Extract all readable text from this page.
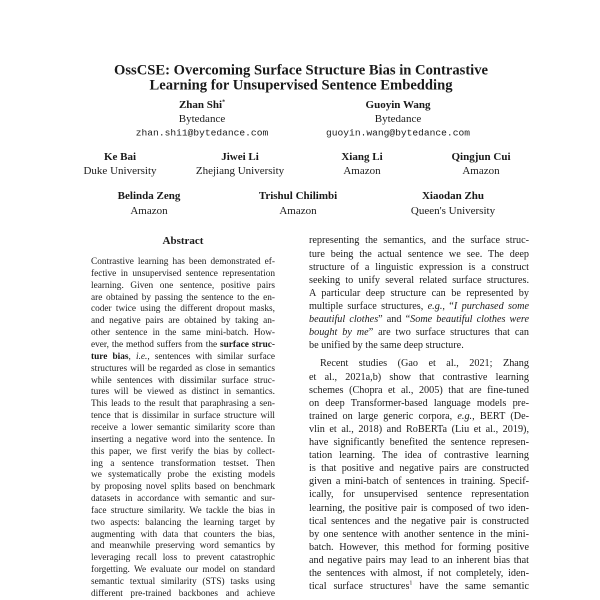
OssCSE: Overcoming Surface Structure Bias in Contrastive
Learning for Unsupervised Sentence Embedding
Zhan Shi*
Bytedance
zhan.shi1@bytedance.com
Guoyin Wang
Bytedance
guoyin.wang@bytedance.com
Ke Bai
Duke University
Jiwei Li
Zhejiang University
Xiang Li
Amazon
Qingjun Cui
Amazon
Belinda Zeng
Amazon
Trishul Chilimbi
Amazon
Xiaodan Zhu
Queen's University
Abstract
Contrastive learning has been demonstrated ef-
fective in unsupervised sentence representation
learning. Given one sentence, positive pairs
are obtained by passing the sentence to the en-
coder twice using the different dropout masks,
and negative pairs are obtained by taking an-
other sentence in the same mini-batch. How-
ever, the method suffers from the surface struc-
ture bias, i.e., sentences with similar surface
structures will be regarded as close in semantics
while sentences with dissimilar surface struc-
tures will be viewed as distinct in semantics.
This leads to the result that paraphrasing a sen-
tence that is dissimilar in surface structure will
receive a lower semantic similarity score than
inserting a negative word into the sentence. In
this paper, we first verify the bias by collect-
ing a sentence transformation testset. Then
we systematically probe the existing models
by proposing novel splits based on benchmark
datasets in accordance with semantic and sur-
face structure similarity. We tackle the bias in
two aspects: balancing the learning target by
augmenting with data that counters the bias,
and meanwhile preserving word semantics by
leveraging recall loss to prevent catastrophic
forgetting. We evaluate our model on standard
semantic textual similarity (STS) tasks using
different pre-trained backbones and achieve
representing the semantics, and the surface struc-
ture being the actual sentence we see. The deep
structure of a linguistic expression is a construct
seeking to unify several related surface structures.
A particular deep structure can be represented by
multiple surface structures, e.g., “I purchased some
beautiful clothes” and “Some beautiful clothes were
bought by me” are two surface structures that can
be unified by the same deep structure.
Recent studies (Gao et al., 2021; Zhang
et al., 2021a,b) show that contrastive learning
schemes (Chopra et al., 2005) that are fine-tuned
on deep Transformer-based language models pre-
trained on large generic corpora, e.g., BERT (De-
vlin et al., 2018) and RoBERTa (Liu et al., 2019),
have significantly benefited the sentence represen-
tation learning. The idea of contrastive learning
is that positive and negative pairs are constructed
given a mini-batch of sentences in training. Specif-
ically, for unsupervised sentence representation
learning, the positive pair is composed of two iden-
tical sentences and the negative pair is constructed
by one sentence with another sentence in the mini-
batch. However, this method for forming positive
and negative pairs may lead to an inherent bias that
the sentences with almost, if not completely, iden-
tical surface structures$^1$ have the same semantic
